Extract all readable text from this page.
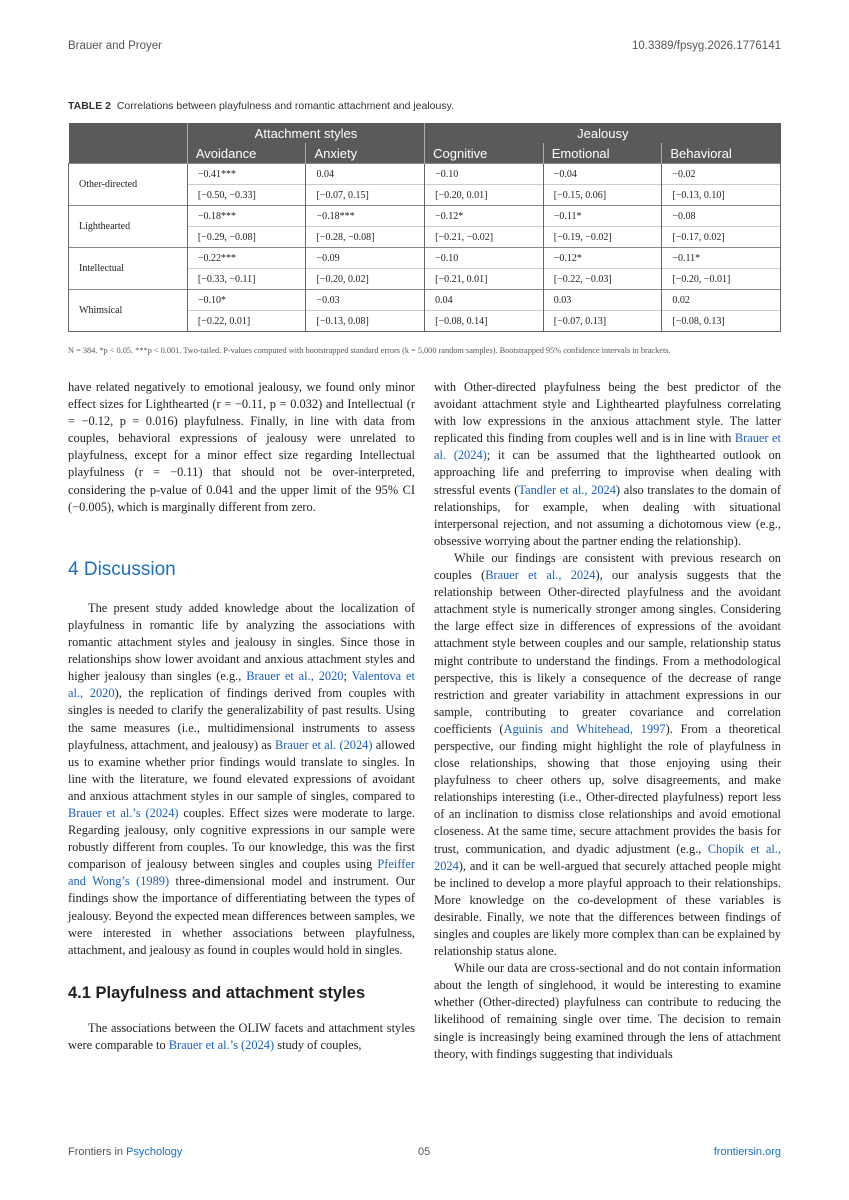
Brauer and Proyer	10.3389/fpsyg.2026.1776141
TABLE 2 Correlations between playfulness and romantic attachment and jealousy.
	Attachment styles		Jealousy		
	Avoidance	Anxiety	Cognitive	Emotional	Behavioral
Other-directed	−0.41***	0.04	−0.10	−0.04	−0.02
	[−0.50, −0.33]	[−0.07, 0.15]	[−0.20, 0.01]	[−0.15, 0.06]	[−0.13, 0.10]
Lighthearted	−0.18***	−0.18***	−0.12*	−0.11*	−0.08
	[−0.29, −0.08]	[−0.28, −0.08]	[−0.21, −0.02]	[−0.19, −0.02]	[−0.17, 0.02]
Intellectual	−0.22***	−0.09	−0.10	−0.12*	−0.11*
	[−0.33, −0.11]	[−0.20, 0.02]	[−0.21, 0.01]	[−0.22, −0.03]	[−0.20, −0.01]
Whimsical	−0.10*	−0.03	0.04	0.03	0.02
	[−0.22, 0.01]	[−0.13, 0.08]	[−0.08, 0.14]	[−0.07, 0.13]	[−0.08, 0.13]
N = 384. *p < 0.05. ***p < 0.001. Two-tailed. P-values computed with bootstrapped standard errors (k = 5,000 random samples). Bootstrapped 95% confidence intervals in brackets.

have related negatively to emotional jealousy, we found only minor effect sizes for Lighthearted (r = −0.11, p = 0.032) and Intellectual (r = −0.12, p = 0.016) playfulness. Finally, in line with data from couples, behavioral expressions of jealousy were unrelated to playfulness, except for a minor effect size regarding Intellectual playfulness (r = −0.11) that should not be over-interpreted, considering the p-value of 0.041 and the upper limit of the 95% CI (−0.005), which is marginally different from zero.

4 Discussion

The present study added knowledge about the localization of playfulness in romantic life by analyzing the associations with romantic attachment styles and jealousy in singles. Since those in relationships show lower avoidant and anxious attachment styles and higher jealousy than singles (e.g., Brauer et al., 2020; Valentova et al., 2020), the replication of findings derived from couples with singles is needed to clarify the generalizability of past results. Using the same measures (i.e., multidimensional instruments to assess playfulness, attachment, and jealousy) as Brauer et al. (2024) allowed us to examine whether prior findings would translate to singles. In line with the literature, we found elevated expressions of avoidant and anxious attachment styles in our sample of singles, compared to Brauer et al.’s (2024) couples. Effect sizes were moderate to large. Regarding jealousy, only cognitive expressions in our sample were robustly different from couples. To our knowledge, this was the first comparison of jealousy between singles and couples using Pfeiffer and Wong’s (1989) three-dimensional model and instrument. Our findings show the importance of differentiating between the types of jealousy. Beyond the expected mean differences between samples, we were interested in whether associations between playfulness, attachment, and jealousy as found in couples would hold in singles.

4.1 Playfulness and attachment styles

The associations between the OLIW facets and attachment styles were comparable to Brauer et al.’s (2024) study of couples,

with Other-directed playfulness being the best predictor of the avoidant attachment style and Lighthearted playfulness correlating with low expressions in the anxious attachment style. The latter replicated this finding from couples well and is in line with Brauer et al. (2024); it can be assumed that the lighthearted outlook on approaching life and preferring to improvise when dealing with stressful events (Tandler et al., 2024) also translates to the domain of relationships, for example, when dealing with situational interpersonal rejection, and not assuming a dichotomous view (e.g., obsessive worrying about the partner ending the relationship).

While our findings are consistent with previous research on couples (Brauer et al., 2024), our analysis suggests that the relationship between Other-directed playfulness and the avoidant attachment style is numerically stronger among singles. Considering the large effect size in differences of expressions of the avoidant attachment style between couples and our sample, relationship status might contribute to understand the findings. From a methodological perspective, this is likely a consequence of the decrease of range restriction and greater variability in attachment expressions in our sample, contributing to greater covariance and correlation coefficients (Aguinis and Whitehead, 1997). From a theoretical perspective, our finding might highlight the role of playfulness in close relationships, showing that those enjoying using their playfulness to cheer others up, solve disagreements, and make relationships interesting (i.e., Other-directed playfulness) report less of an inclination to dismiss close relationships and avoid emotional closeness. At the same time, secure attachment provides the basis for trust, communication, and dyadic adjustment (e.g., Chopik et al., 2024), and it can be well-argued that securely attached people might be inclined to develop a more playful approach to their relationships. More knowledge on the co-development of these variables is desirable. Finally, we note that the differences between findings of singles and couples are likely more complex than can be explained by relationship status alone.

While our data are cross-sectional and do not contain information about the length of singlehood, it would be interesting to examine whether (Other-directed) playfulness can contribute to reducing the likelihood of remaining single over time. The decision to remain single is increasingly being examined through the lens of attachment theory, with findings suggesting that individuals

Frontiers in Psychology	05	frontiersin.org
